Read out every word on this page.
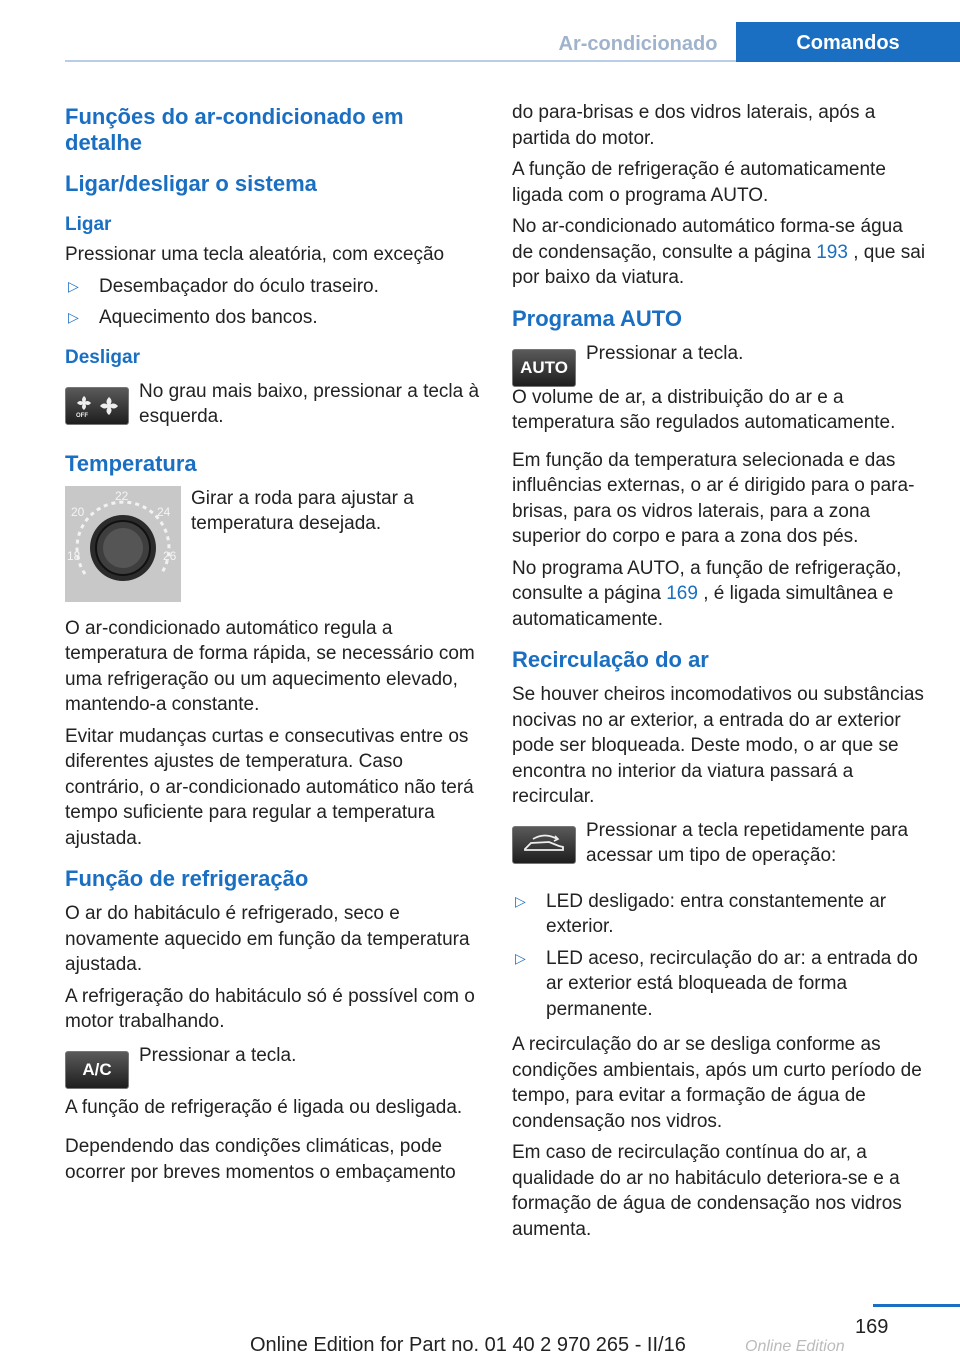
Ar-condicionado	Comandos
Funções do ar-condicionado em detalhe
Ligar/desligar o sistema
Ligar

Pressionar uma tecla aleatória, com exceção

▷ Desembaçador do óculo traseiro.
▷ Aquecimento dos bancos.
Desligar
OFF

No grau mais baixo, pressionar a tecla à esquerda.

Temperatura
22
20	24
18	26

Girar a roda para ajustar a temperatura desejada.

O ar-condicionado automático regula a temperatura de forma rápida, se necessário com uma refrigeração ou um aquecimento elevado, mantendo-a constante.

Evitar mudanças curtas e consecutivas entre os diferentes ajustes de temperatura. Caso contrário, o ar-condicionado automático não terá tempo suficiente para regular a temperatura ajustada.

Função de refrigeração

O ar do habitáculo é refrigerado, seco e novamente aquecido em função da temperatura ajustada.

A refrigeração do habitáculo só é possível com o motor trabalhando.

A/C

Pressionar a tecla.

A função de refrigeração é ligada ou desligada.

Dependendo das condições climáticas, pode ocorrer por breves momentos o embaçamento

do para-brisas e dos vidros laterais, após a partida do motor.

A função de refrigeração é automaticamente ligada com o programa AUTO.

No ar-condicionado automático forma-se água de condensação, consulte a página 193 , que sai por baixo da viatura.

Programa AUTO
AUTO

Pressionar a tecla.

O volume de ar, a distribuição do ar e a temperatura são regulados automaticamente.

Em função da temperatura selecionada e das influências externas, o ar é dirigido para o para-brisas, para os vidros laterais, para a zona superior do corpo e para a zona dos pés.

No programa AUTO, a função de refrigeração, consulte a página 169 , é ligada simultânea e automaticamente.

Recirculação do ar

Se houver cheiros incomodativos ou substâncias nocivas no ar exterior, a entrada do ar exterior pode ser bloqueada. Deste modo, o ar que se encontra no interior da viatura passará a recircular.

Pressionar a tecla repetidamente para acessar um tipo de operação:

▷ LED desligado: entra constantemente ar exterior.
▷ LED aceso, recirculação do ar: a entrada do ar exterior está bloqueada de forma permanente.

A recirculação do ar se desliga conforme as condições ambientais, após um curto período de tempo, para evitar a formação de água de condensação nos vidros.

Em caso de recirculação contínua do ar, a qualidade do ar no habitáculo deteriora-se e a formação de água de condensação nos vidros aumenta.

169
Online Edition for Part no. 01 40 2 970 265 - II/16	Online Edition
